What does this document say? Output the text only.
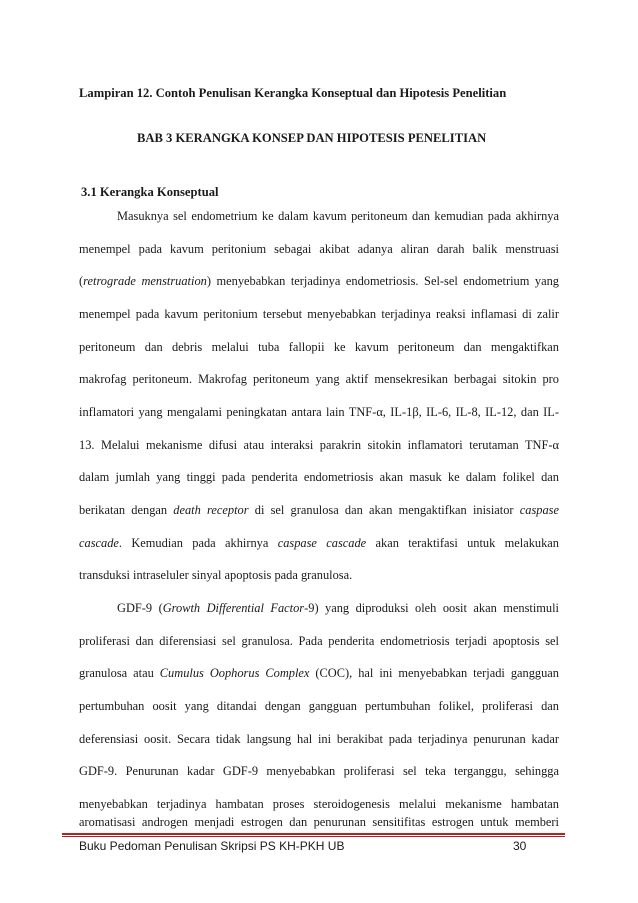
Lampiran 12. Contoh Penulisan Kerangka Konseptual dan Hipotesis Penelitian
BAB 3 KERANGKA KONSEP DAN HIPOTESIS PENELITIAN
3.1 Kerangka Konseptual
Masuknya sel endometrium ke dalam kavum peritoneum dan kemudian pada akhirnya
menempel pada kavum peritonium sebagai akibat adanya aliran darah balik menstruasi
(retrograde menstruation) menyebabkan terjadinya endometriosis. Sel-sel endometrium yang
menempel pada kavum peritonium tersebut menyebabkan terjadinya reaksi inflamasi di zalir
peritoneum dan debris melalui tuba fallopii ke kavum peritoneum dan mengaktifkan
makrofag peritoneum. Makrofag peritoneum yang aktif mensekresikan berbagai sitokin pro
inflamatori yang mengalami peningkatan antara lain TNF-α, IL-1β, IL-6, IL-8, IL-12, dan IL-
13. Melalui mekanisme difusi atau interaksi parakrin sitokin inflamatori terutaman TNF-α
dalam jumlah yang tinggi pada penderita endometriosis akan masuk ke dalam folikel dan
berikatan dengan death receptor di sel granulosa dan akan mengaktifkan inisiator caspase
cascade. Kemudian pada akhirnya caspase cascade akan teraktifasi untuk melakukan
transduksi intraseluler sinyal apoptosis pada granulosa.
GDF-9 (Growth Differential Factor-9) yang diproduksi oleh oosit akan menstimuli
proliferasi dan diferensiasi sel granulosa. Pada penderita endometriosis terjadi apoptosis sel
granulosa atau Cumulus Oophorus Complex (COC), hal ini menyebabkan terjadi gangguan
pertumbuhan oosit yang ditandai dengan gangguan pertumbuhan folikel, proliferasi dan
deferensiasi oosit. Secara tidak langsung hal ini berakibat pada terjadinya penurunan kadar
GDF-9. Penurunan kadar GDF-9 menyebabkan proliferasi sel teka terganggu, sehingga
menyebabkan terjadinya hambatan proses steroidogenesis melalui mekanisme hambatan
aromatisasi androgen menjadi estrogen dan penurunan sensitifitas estrogen untuk memberi
Buku Pedoman Penulisan Skripsi PS KH-PKH UB	30
